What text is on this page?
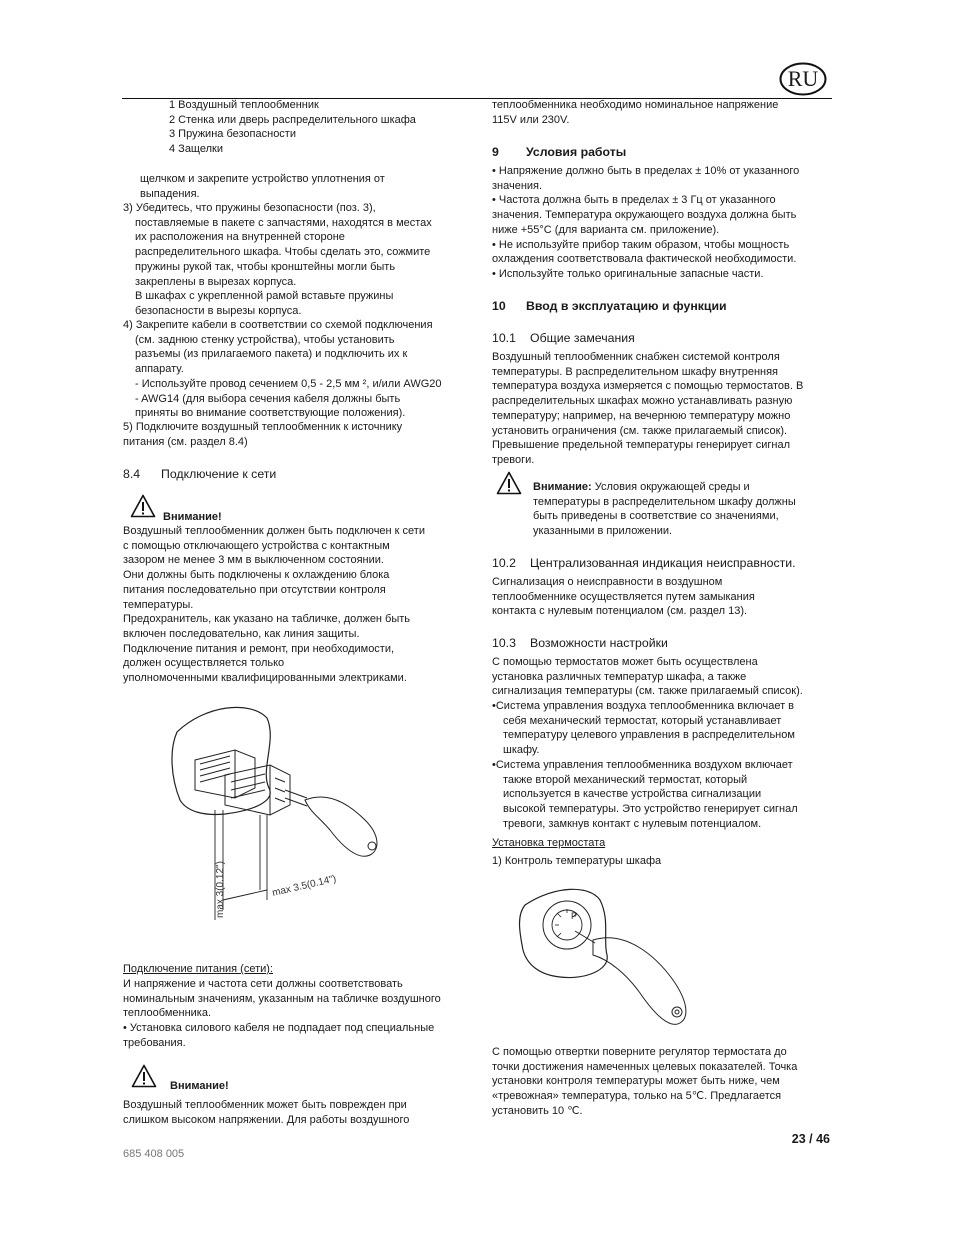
RU

1 Воздушный теплообменник

2 Стенка или дверь распределительного шкафа

3 Пружина безопасности

4 Защелки

щелчком и закрепите устройство уплотнения от

выпадения.

3) Убедитесь, что пружины безопасности (поз. 3),

поставляемые в пакете с запчастями, находятся в местах

их расположения на внутренней стороне

распределительного шкафа. Чтобы сделать это, сожмите

пружины рукой так, чтобы кронштейны могли быть

закреплены в вырезах корпуса.

В шкафах с укрепленной рамой вставьте пружины

безопасности в вырезы корпуса.

4) Закрепите кабели в соответствии со схемой подключения

(см. заднюю стенку устройства), чтобы установить

разъемы (из прилагаемого пакета) и подключить их к

аппарату.

- Используйте провод сечением 0,5 - 2,5 мм ², и/или AWG20

- AWG14 (для выбора сечения кабеля должны быть

приняты во внимание соответствующие положения).

5) Подключите воздушный теплообменник к источнику

питания (см. раздел 8.4)

8.4 Подключение к сети
Внимание!

Воздушный теплообменник должен быть подключен к сети

с помощью отключающего устройства с контактным

зазором не менее 3 мм в выключенном состоянии.

Они должны быть подключены к охлаждению блока

питания последовательно при отсутствии контроля

температуры.

Предохранитель, как указано на табличке, должен быть

включен последовательно, как линия защиты.

Подключение питания и ремонт, при необходимости,

должен осуществляется только

уполномоченными квалифицированными электриками.

max 3(0.12")	max 3.5(0.14")
Подключение питания (сети):

И напряжение и частота сети должны соответствовать

номинальным значениям, указанным на табличке воздушного

теплообменника.

• Установка силового кабеля не подпадает под специальные

требования.

Внимание!

Воздушный теплообменник может быть поврежден при

слишком высоком напряжении. Для работы воздушного

теплообменника необходимо номинальное напряжение

115V или 230V.

9 Условия работы

• Напряжение должно быть в пределах ± 10% от указанного

значения.

• Частота должна быть в пределах ± 3 Гц от указанного

значения. Температура окружающего воздуха должна быть

ниже +55°C (для варианта см. приложение).

• Не используйте прибор таким образом, чтобы мощность

охлаждения соответствовала фактической необходимости.

• Используйте только оригинальные запасные части.

10 Ввод в эксплуатацию и функции
10.1 Общие замечания

Воздушный теплообменник снабжен системой контроля

температуры. В распределительном шкафу внутренняя

температура воздуха измеряется с помощью термостатов. В

распределительных шкафах можно устанавливать разную

температуру; например, на вечернюю температуру можно

установить ограничения (см. также прилагаемый список).

Превышение предельной температуры генерирует сигнал

тревоги.

Внимание: Условия окружающей среды и

температуры в распределительном шкафу должны

быть приведены в соответствие со значениями,

указанными в приложении.

10.2 Централизованная индикация неисправности.

Сигнализация о неисправности в воздушном

теплообменнике осуществляется путем замыкания

контакта с нулевым потенциалом (см. раздел 13).

10.3 Возможности настройки

С помощью термостатов может быть осуществлена

установка различных температур шкафа, а также

сигнализация температуры (см. также прилагаемый список).

•Система управления воздуха теплообменника включает в

себя механический термостат, который устанавливает

температуру целевого управления в распределительном

шкафу.

•Система управления теплообменника воздухом включает

также второй механический термостат, который

используется в качестве устройства сигнализации

высокой температуры. Это устройство генерирует сигнал

тревоги, замкнув контакт с нулевым потенциалом.

Установка термостата
1) Контроль температуры шкафа
P

С помощью отвертки поверните регулятор термостата до

точки достижения намеченных целевых показателей. Точка

установки контроля температуры может быть ниже, чем

«тревожная» температура, только на 5℃. Предлагается

установить 10 ℃.

23 / 46
685 408 005
